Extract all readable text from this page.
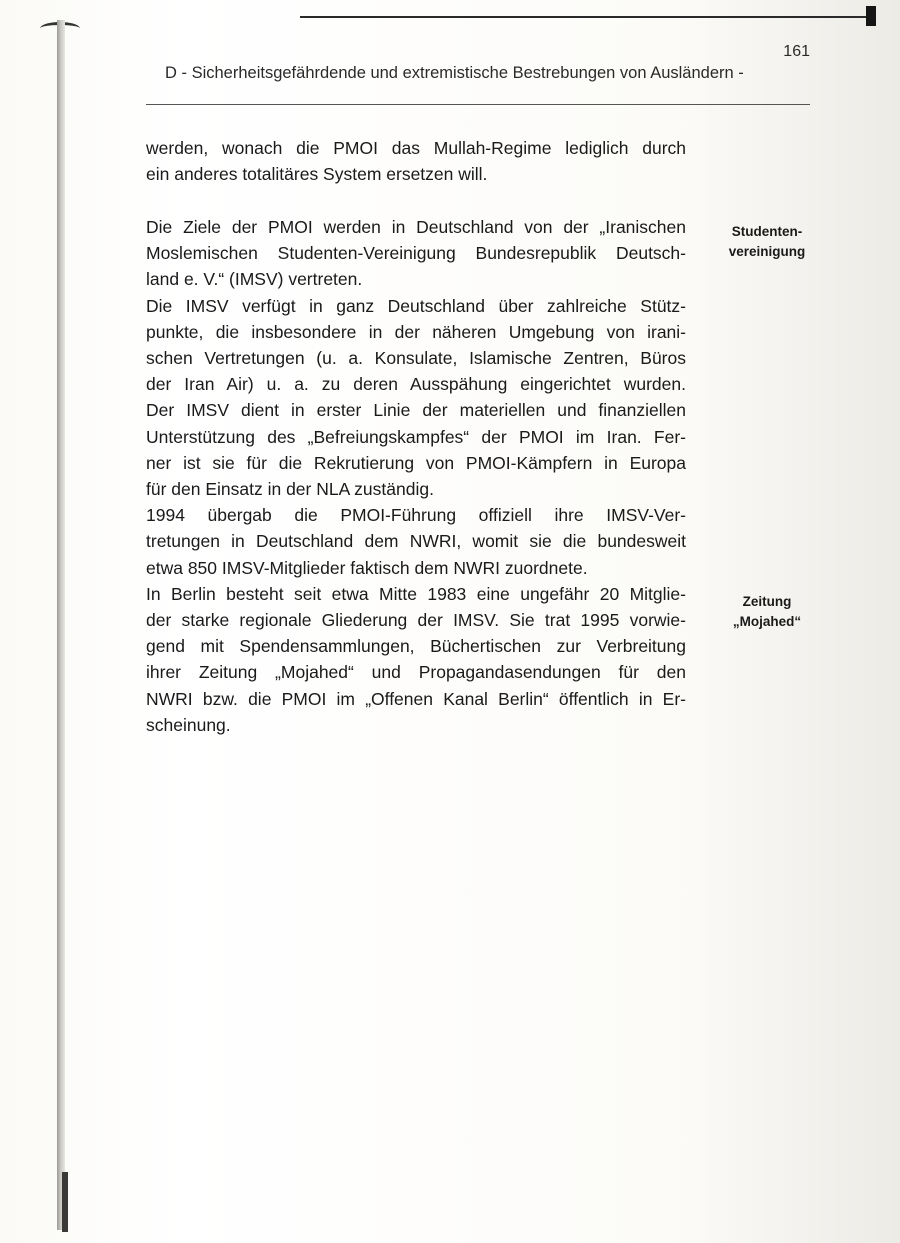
161
D - Sicherheitsgefährdende und extremistische Bestrebungen von Ausländern -
werden, wonach die PMOI das Mullah-Regime lediglich durch
ein anderes totalitäres System ersetzen will.
Die Ziele der PMOI werden in Deutschland von der „Iranischen
Moslemischen Studenten-Vereinigung Bundesrepublik Deutsch-
land e. V.“ (IMSV) vertreten.
Die IMSV verfügt in ganz Deutschland über zahlreiche Stütz-
punkte, die insbesondere in der näheren Umgebung von irani-
schen Vertretungen (u. a. Konsulate, Islamische Zentren, Büros
der Iran Air) u. a. zu deren Ausspähung eingerichtet wurden.
Der IMSV dient in erster Linie der materiellen und finanziellen
Unterstützung des „Befreiungskampfes“ der PMOI im Iran. Fer-
ner ist sie für die Rekrutierung von PMOI-Kämpfern in Europa
für den Einsatz in der NLA zuständig.
1994 übergab die PMOI-Führung offiziell ihre IMSV-Ver-
tretungen in Deutschland dem NWRI, womit sie die bundesweit
etwa 850 IMSV-Mitglieder faktisch dem NWRI zuordnete.
In Berlin besteht seit etwa Mitte 1983 eine ungefähr 20 Mitglie-
der starke regionale Gliederung der IMSV. Sie trat 1995 vorwie-
gend mit Spendensammlungen, Büchertischen zur Verbreitung
ihrer Zeitung „Mojahed“ und Propagandasendungen für den
NWRI bzw. die PMOI im „Offenen Kanal Berlin“ öffentlich in Er-
scheinung.
Studenten-
vereinigung
Zeitung
„Mojahed“
